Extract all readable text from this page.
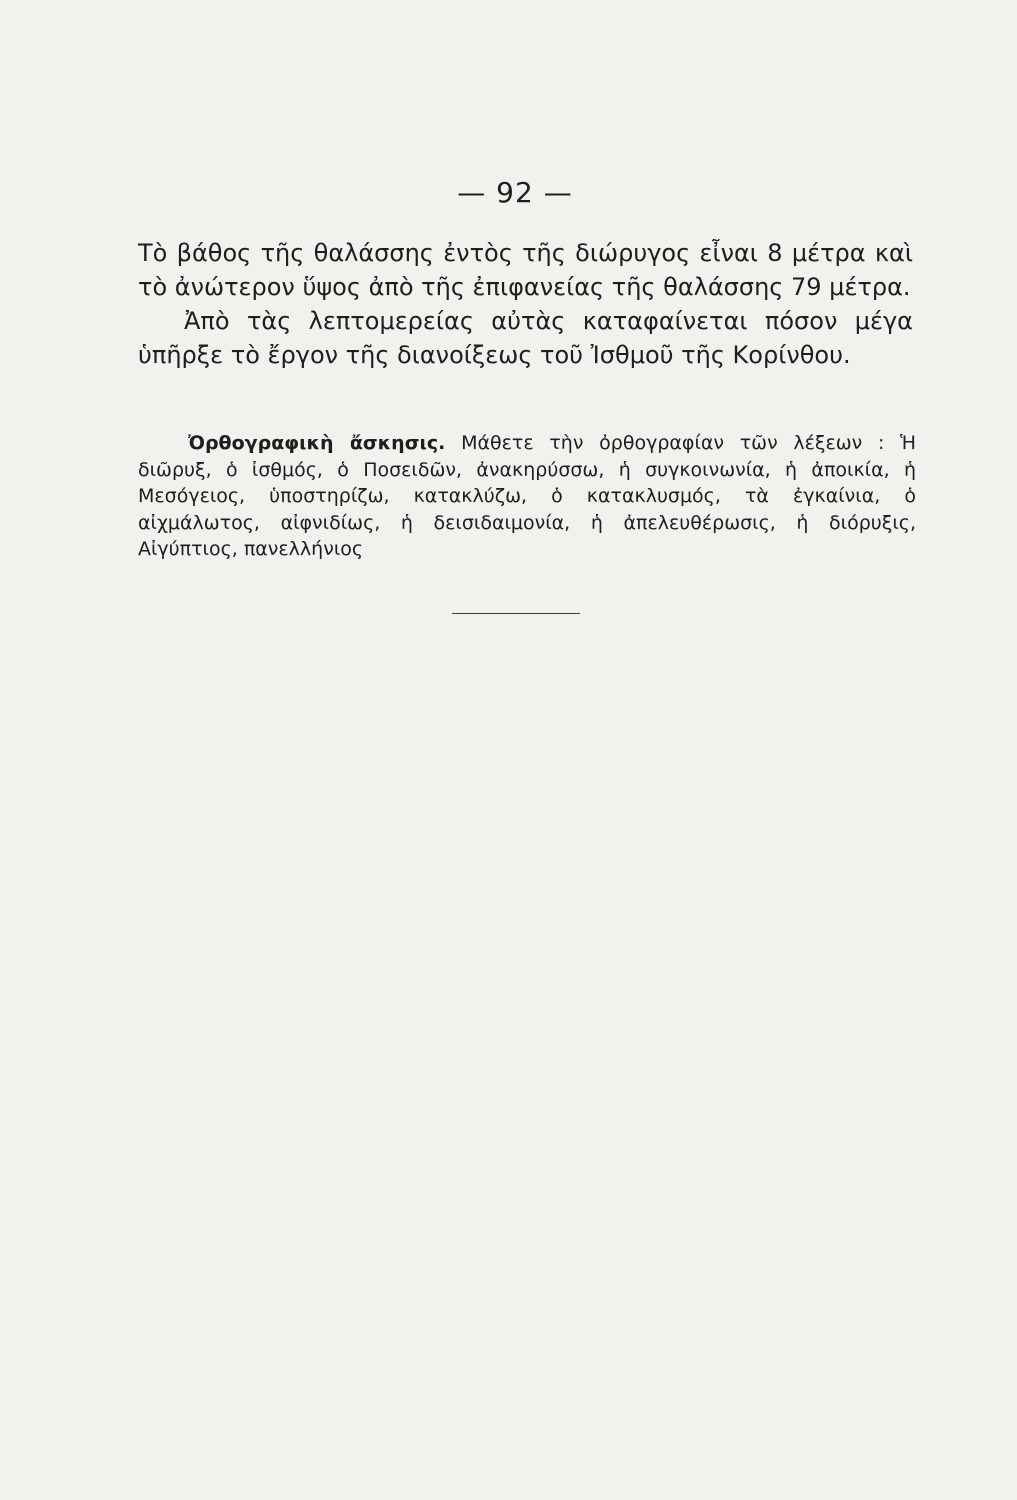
— 92 —

Τὸ βάθος τῆς θαλάσσης ἐντὸς τῆς διώρυγος εἶναι 8 μέτρα καὶ τὸ ἀνώτερον ὕψος ἀπὸ τῆς ἐπιφανείας τῆς θαλάσσης 79 μέτρα.

Ἀπὸ τὰς λεπτομερείας αὐτὰς καταφαίνεται πόσον μέγα ὑπῆρξε τὸ ἔργον τῆς διανοίξεως τοῦ Ἰσθμοῦ τῆς Κορίνθου.

Ὀρθογραφικὴ ἄσκησις. Μάθετε τὴν ὀρθογραφίαν τῶν λέξεων : Ἡ διῶρυξ, ὁ ἰσθμός, ὁ Ποσειδῶν, ἀνακηρύσσω, ἡ συγκοινωνία, ἡ ἀποικία, ἡ Μεσόγειος, ὑποστηρίζω, κατακλύζω, ὁ κατακλυσμός, τὰ ἐγκαίνια, ὁ αἰχμάλωτος, αἰφνιδίως, ἡ δεισιδαιμονία, ἡ ἀπελευθέρωσις, ἡ διόρυξις, Αἰγύπτιος, πανελλήνιος
